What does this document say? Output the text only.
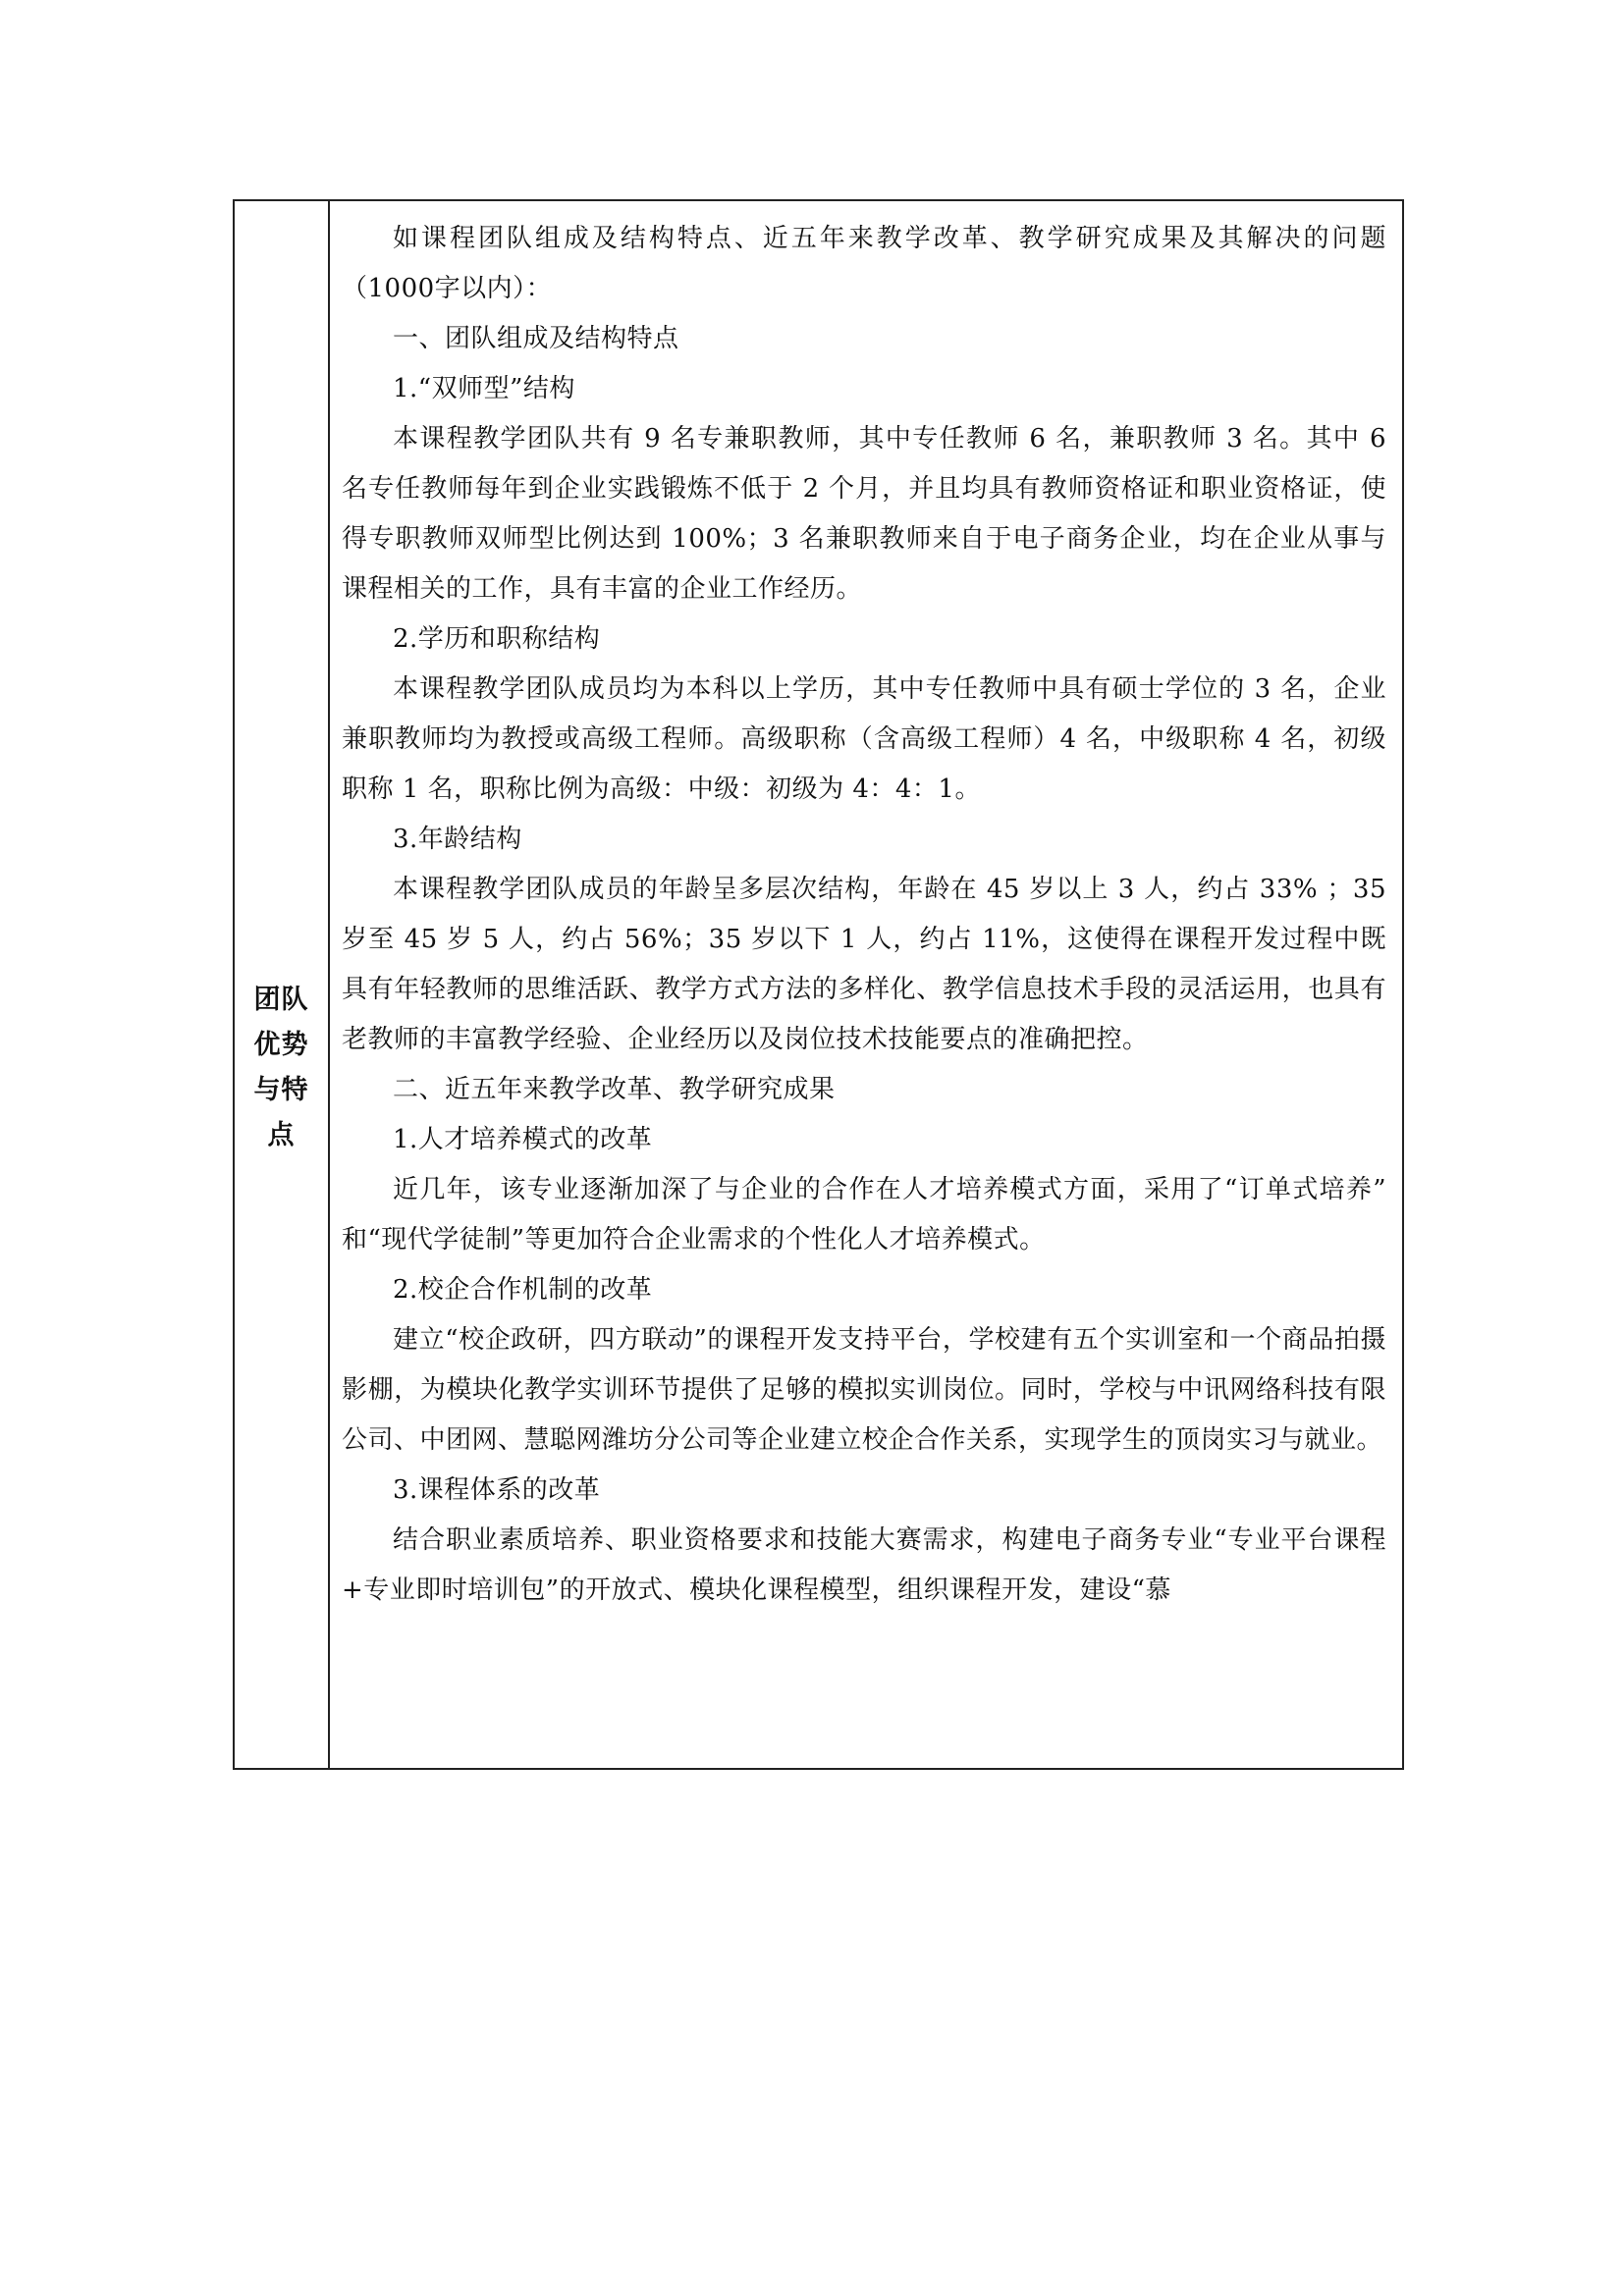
团队优势与特点

如课程团队组成及结构特点、近五年来教学改革、教学研究成果及其解决的问题（1000字以内）：

一、团队组成及结构特点

1.“双师型”结构

本课程教学团队共有 9 名专兼职教师，其中专任教师 6 名，兼职教师 3 名。其中 6 名专任教师每年到企业实践锻炼不低于 2 个月，并且均具有教师资格证和职业资格证，使得专职教师双师型比例达到 100%；3 名兼职教师来自于电子商务企业，均在企业从事与课程相关的工作，具有丰富的企业工作经历。

2.学历和职称结构

本课程教学团队成员均为本科以上学历，其中专任教师中具有硕士学位的 3 名，企业兼职教师均为教授或高级工程师。高级职称（含高级工程师）4 名，中级职称 4 名，初级职称 1 名，职称比例为高级：中级：初级为 4：4：1。

3.年龄结构

本课程教学团队成员的年龄呈多层次结构，年龄在 45 岁以上 3 人，约占 33% ；35 岁至 45 岁 5 人，约占 56%；35 岁以下 1 人，约占 11%，这使得在课程开发过程中既具有年轻教师的思维活跃、教学方式方法的多样化、教学信息技术手段的灵活运用，也具有老教师的丰富教学经验、企业经历以及岗位技术技能要点的准确把控。

二、近五年来教学改革、教学研究成果

1.人才培养模式的改革

近几年，该专业逐渐加深了与企业的合作在人才培养模式方面，采用了“订单式培养” 和“现代学徒制”等更加符合企业需求的个性化人才培养模式。

2.校企合作机制的改革

建立“校企政研，四方联动”的课程开发支持平台，学校建有五个实训室和一个商品拍摄影棚，为模块化教学实训环节提供了足够的模拟实训岗位。同时，学校与中讯网络科技有限公司、中团网、慧聪网潍坊分公司等企业建立校企合作关系，实现学生的顶岗实习与就业。

3.课程体系的改革

结合职业素质培养、职业资格要求和技能大赛需求，构建电子商务专业“专业平台课程+专业即时培训包”的开放式、模块化课程模型，组织课程开发，建设“慕
